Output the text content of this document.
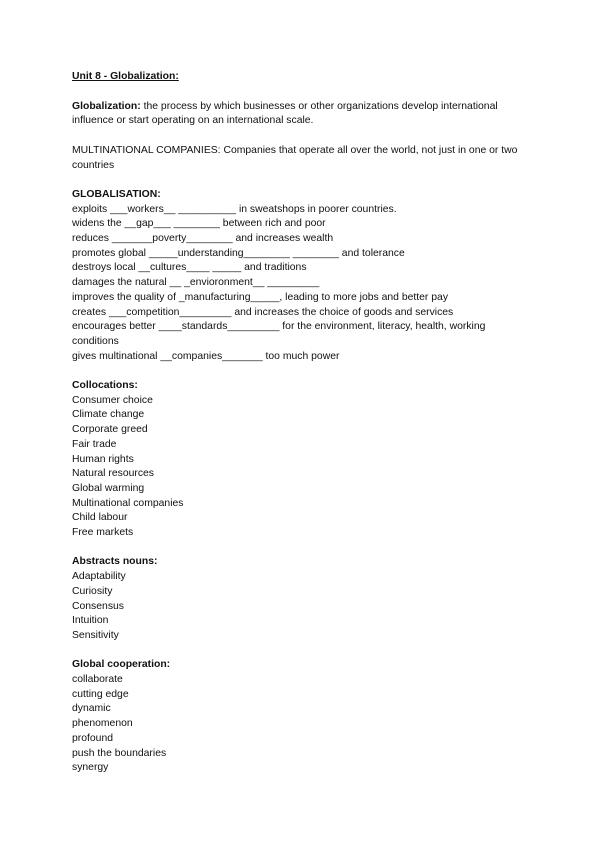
Unit 8 - Globalization:
Globalization: the process by which businesses or other organizations develop international influence or start operating on an international scale.
MULTINATIONAL COMPANIES: Companies that operate all over the world, not just in one or two countries
GLOBALISATION:
exploits ___workers__ __________ in sweatshops in poorer countries.
widens the __gap___ ________ between rich and poor
reduces _______poverty________ and increases wealth
promotes global _____understanding________ ________ and tolerance
destroys local __cultures____ _____ and traditions
damages the natural __ _envioronment__ _________
improves the quality of _manufacturing_____, leading to more jobs and better pay
creates ___competition_________ and increases the choice of goods and services
encourages better ____standards_________ for the environment, literacy, health, working conditions
gives multinational __companies_______ too much power
Collocations:
Consumer choice
Climate change
Corporate greed
Fair trade
Human rights
Natural resources
Global warming
Multinational companies
Child labour
Free markets
Abstracts nouns:
Adaptability
Curiosity
Consensus
Intuition
Sensitivity
Global cooperation:
collaborate
cutting edge
dynamic
phenomenon
profound
push the boundaries
synergy
